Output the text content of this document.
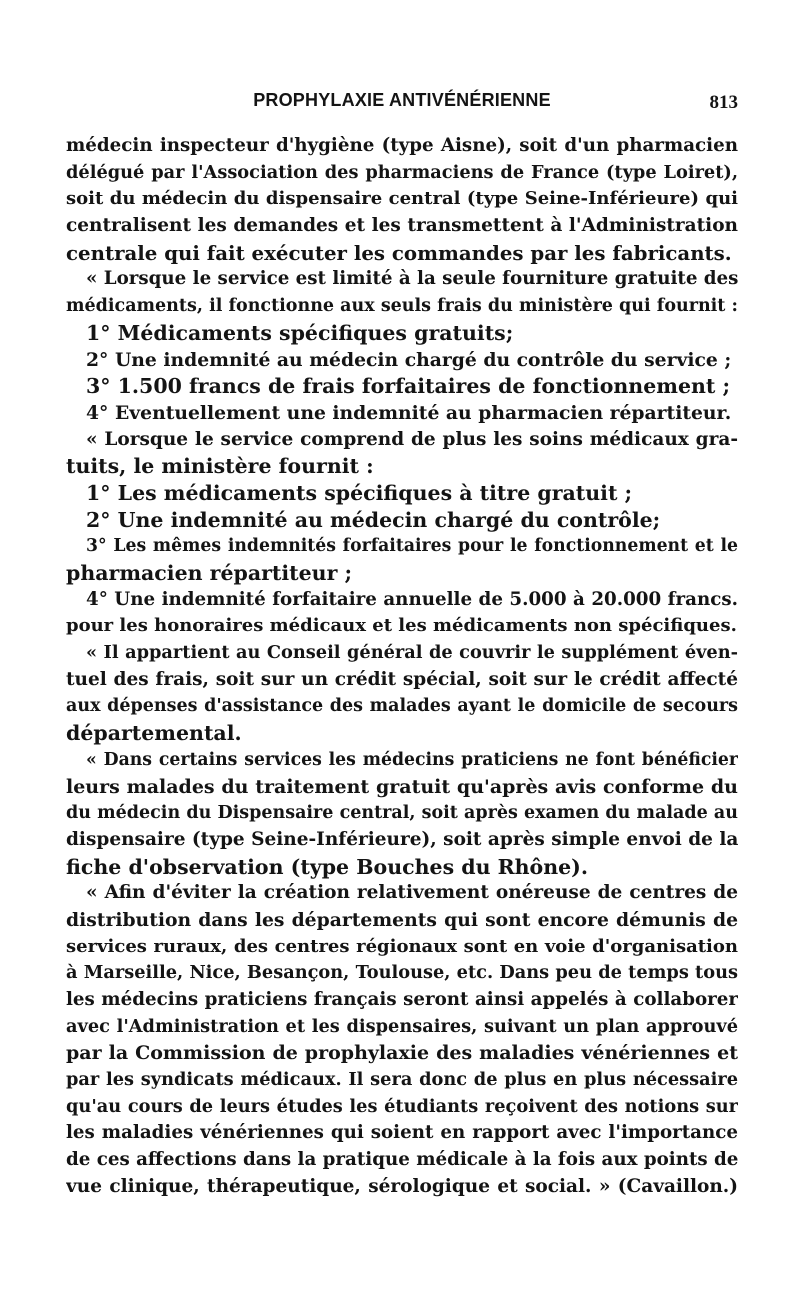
PROPHYLAXIE ANTIVÉNÉRIENNE	813
médecin inspecteur d'hygiène (type Aisne), soit d'un pharmacien
délégué par l'Association des pharmaciens de France (type Loiret),
soit du médecin du dispensaire central (type Seine-Inférieure) qui
centralisent les demandes et les transmettent à l'Administration
centrale qui fait exécuter les commandes par les fabricants.
« Lorsque le service est limité à la seule fourniture gratuite des
médicaments, il fonctionne aux seuls frais du ministère qui fournit :
1° Médicaments spécifiques gratuits;
2° Une indemnité au médecin chargé du contrôle du service ;
3° 1.500 francs de frais forfaitaires de fonctionnement ;
4° Eventuellement une indemnité au pharmacien répartiteur.
« Lorsque le service comprend de plus les soins médicaux gra-
tuits, le ministère fournit :
1° Les médicaments spécifiques à titre gratuit ;
2° Une indemnité au médecin chargé du contrôle;
3° Les mêmes indemnités forfaitaires pour le fonctionnement et le
pharmacien répartiteur ;
4° Une indemnité forfaitaire annuelle de 5.000 à 20.000 francs.
pour les honoraires médicaux et les médicaments non spécifiques.
« Il appartient au Conseil général de couvrir le supplément éven-
tuel des frais, soit sur un crédit spécial, soit sur le crédit affecté
aux dépenses d'assistance des malades ayant le domicile de secours
départemental.
« Dans certains services les médecins praticiens ne font bénéficier
leurs malades du traitement gratuit qu'après avis conforme du
du médecin du Dispensaire central, soit après examen du malade au
dispensaire (type Seine-Inférieure), soit après simple envoi de la
fiche d'observation (type Bouches du Rhône).
« Afin d'éviter la création relativement onéreuse de centres de
distribution dans les départements qui sont encore démunis de
services ruraux, des centres régionaux sont en voie d'organisation
à Marseille, Nice, Besançon, Toulouse, etc. Dans peu de temps tous
les médecins praticiens français seront ainsi appelés à collaborer
avec l'Administration et les dispensaires, suivant un plan approuvé
par la Commission de prophylaxie des maladies vénériennes et
par les syndicats médicaux. Il sera donc de plus en plus nécessaire
qu'au cours de leurs études les étudiants reçoivent des notions sur
les maladies vénériennes qui soient en rapport avec l'importance
de ces affections dans la pratique médicale à la fois aux points de
vue clinique, thérapeutique, sérologique et social. » (Cavaillon.)
